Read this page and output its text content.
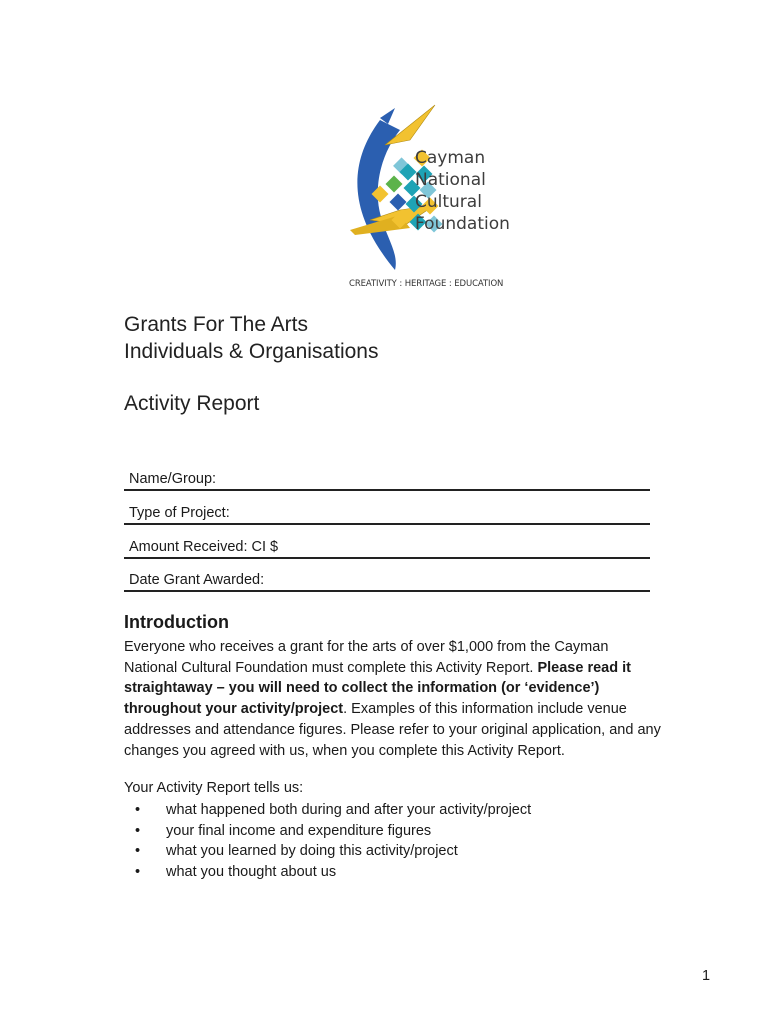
Cayman
National
Cultural
Foundation
CREATIVITY : HERITAGE : EDUCATION
Grants For The Arts
Individuals & Organisations
Activity Report
Name/Group:
Type of Project:
Amount Received: CI $
Date Grant Awarded:
Introduction
Everyone who receives a grant for the arts of over $1,000 from the Cayman National Cultural Foundation must complete this Activity Report. Please read it straightaway – you will need to collect the information (or ‘evidence’) throughout your activity/project. Examples of this information include venue addresses and attendance figures. Please refer to your original application, and any changes you agreed with us, when you complete this Activity Report.
Your Activity Report tells us:
• what happened both during and after your activity/project
• your final income and expenditure figures
• what you learned by doing this activity/project
• what you thought about us
1
